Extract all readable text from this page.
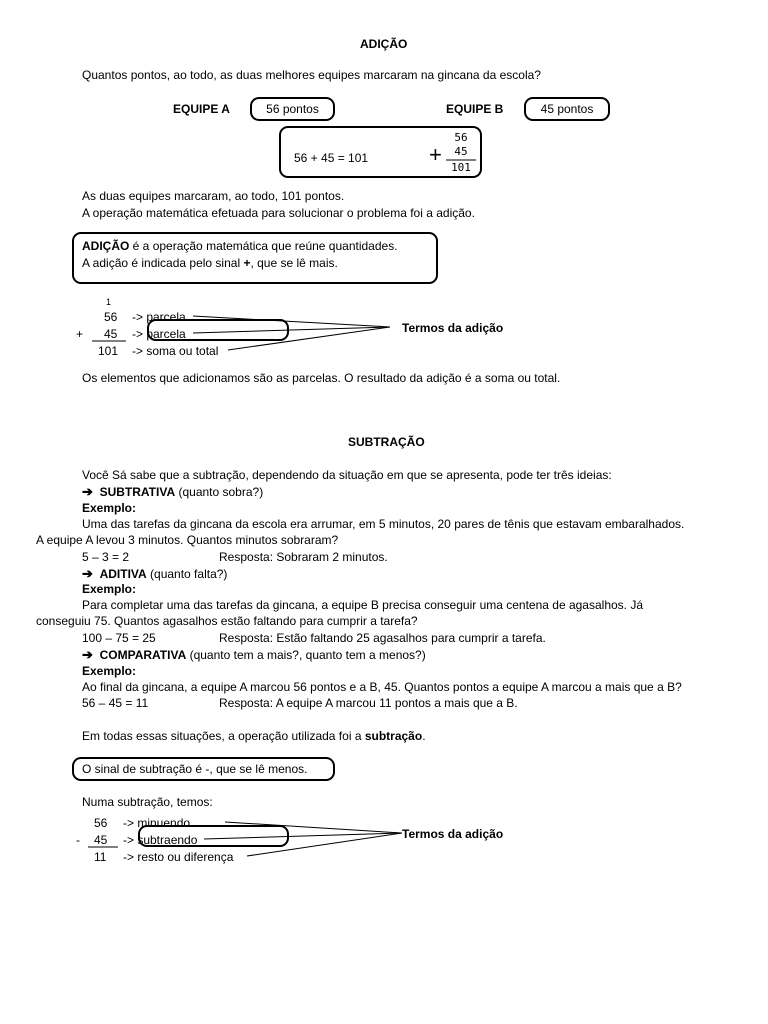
ADIÇÃO
Quantos pontos, ao todo, as duas melhores equipes marcaram na gincana da escola?
EQUIPE A	56 pontos	EQUIPE B	45 pontos
56 + 45 = 101	+
56
45
101
As duas equipes marcaram, ao todo, 101 pontos.
A operação matemática efetuada para solucionar o problema foi a adição.
ADIÇÃO é a operação matemática que reúne quantidades.
A adição é indicada pelo sinal +, que se lê mais.
1
56 -> parcela
+ 45 -> parcela
101 -> soma ou total
Termos da adição
Os elementos que adicionamos são as parcelas. O resultado da adição é a soma ou total.
SUBTRAÇÃO
Você Sá sabe que a subtração, dependendo da situação em que se apresenta, pode ter três ideias:
➔ SUBTRATIVA (quanto sobra?)
Exemplo:
Uma das tarefas da gincana da escola era arrumar, em 5 minutos, 20 pares de tênis que estavam embaralhados.
A equipe A levou 3 minutos. Quantos minutos sobraram?
5 – 3 = 2	Resposta: Sobraram 2 minutos.
➔ ADITIVA (quanto falta?)
Exemplo:
Para completar uma das tarefas da gincana, a equipe B precisa conseguir uma centena de agasalhos. Já
conseguiu 75. Quantos agasalhos estão faltando para cumprir a tarefa?
100 – 75 = 25	Resposta: Estão faltando 25 agasalhos para cumprir a tarefa.
➔ COMPARATIVA (quanto tem a mais?, quanto tem a menos?)
Exemplo:
Ao final da gincana, a equipe A marcou 56 pontos e a B, 45. Quantos pontos a equipe A marcou a mais que a B?
56 – 45 = 11	Resposta: A equipe A marcou 11 pontos a mais que a B.
Em todas essas situações, a operação utilizada foi a subtração.
O sinal de subtração é -, que se lê menos.
Numa subtração, temos:
56 -> minuendo
- 45 -> subtraendo
11 -> resto ou diferença
Termos da adição
